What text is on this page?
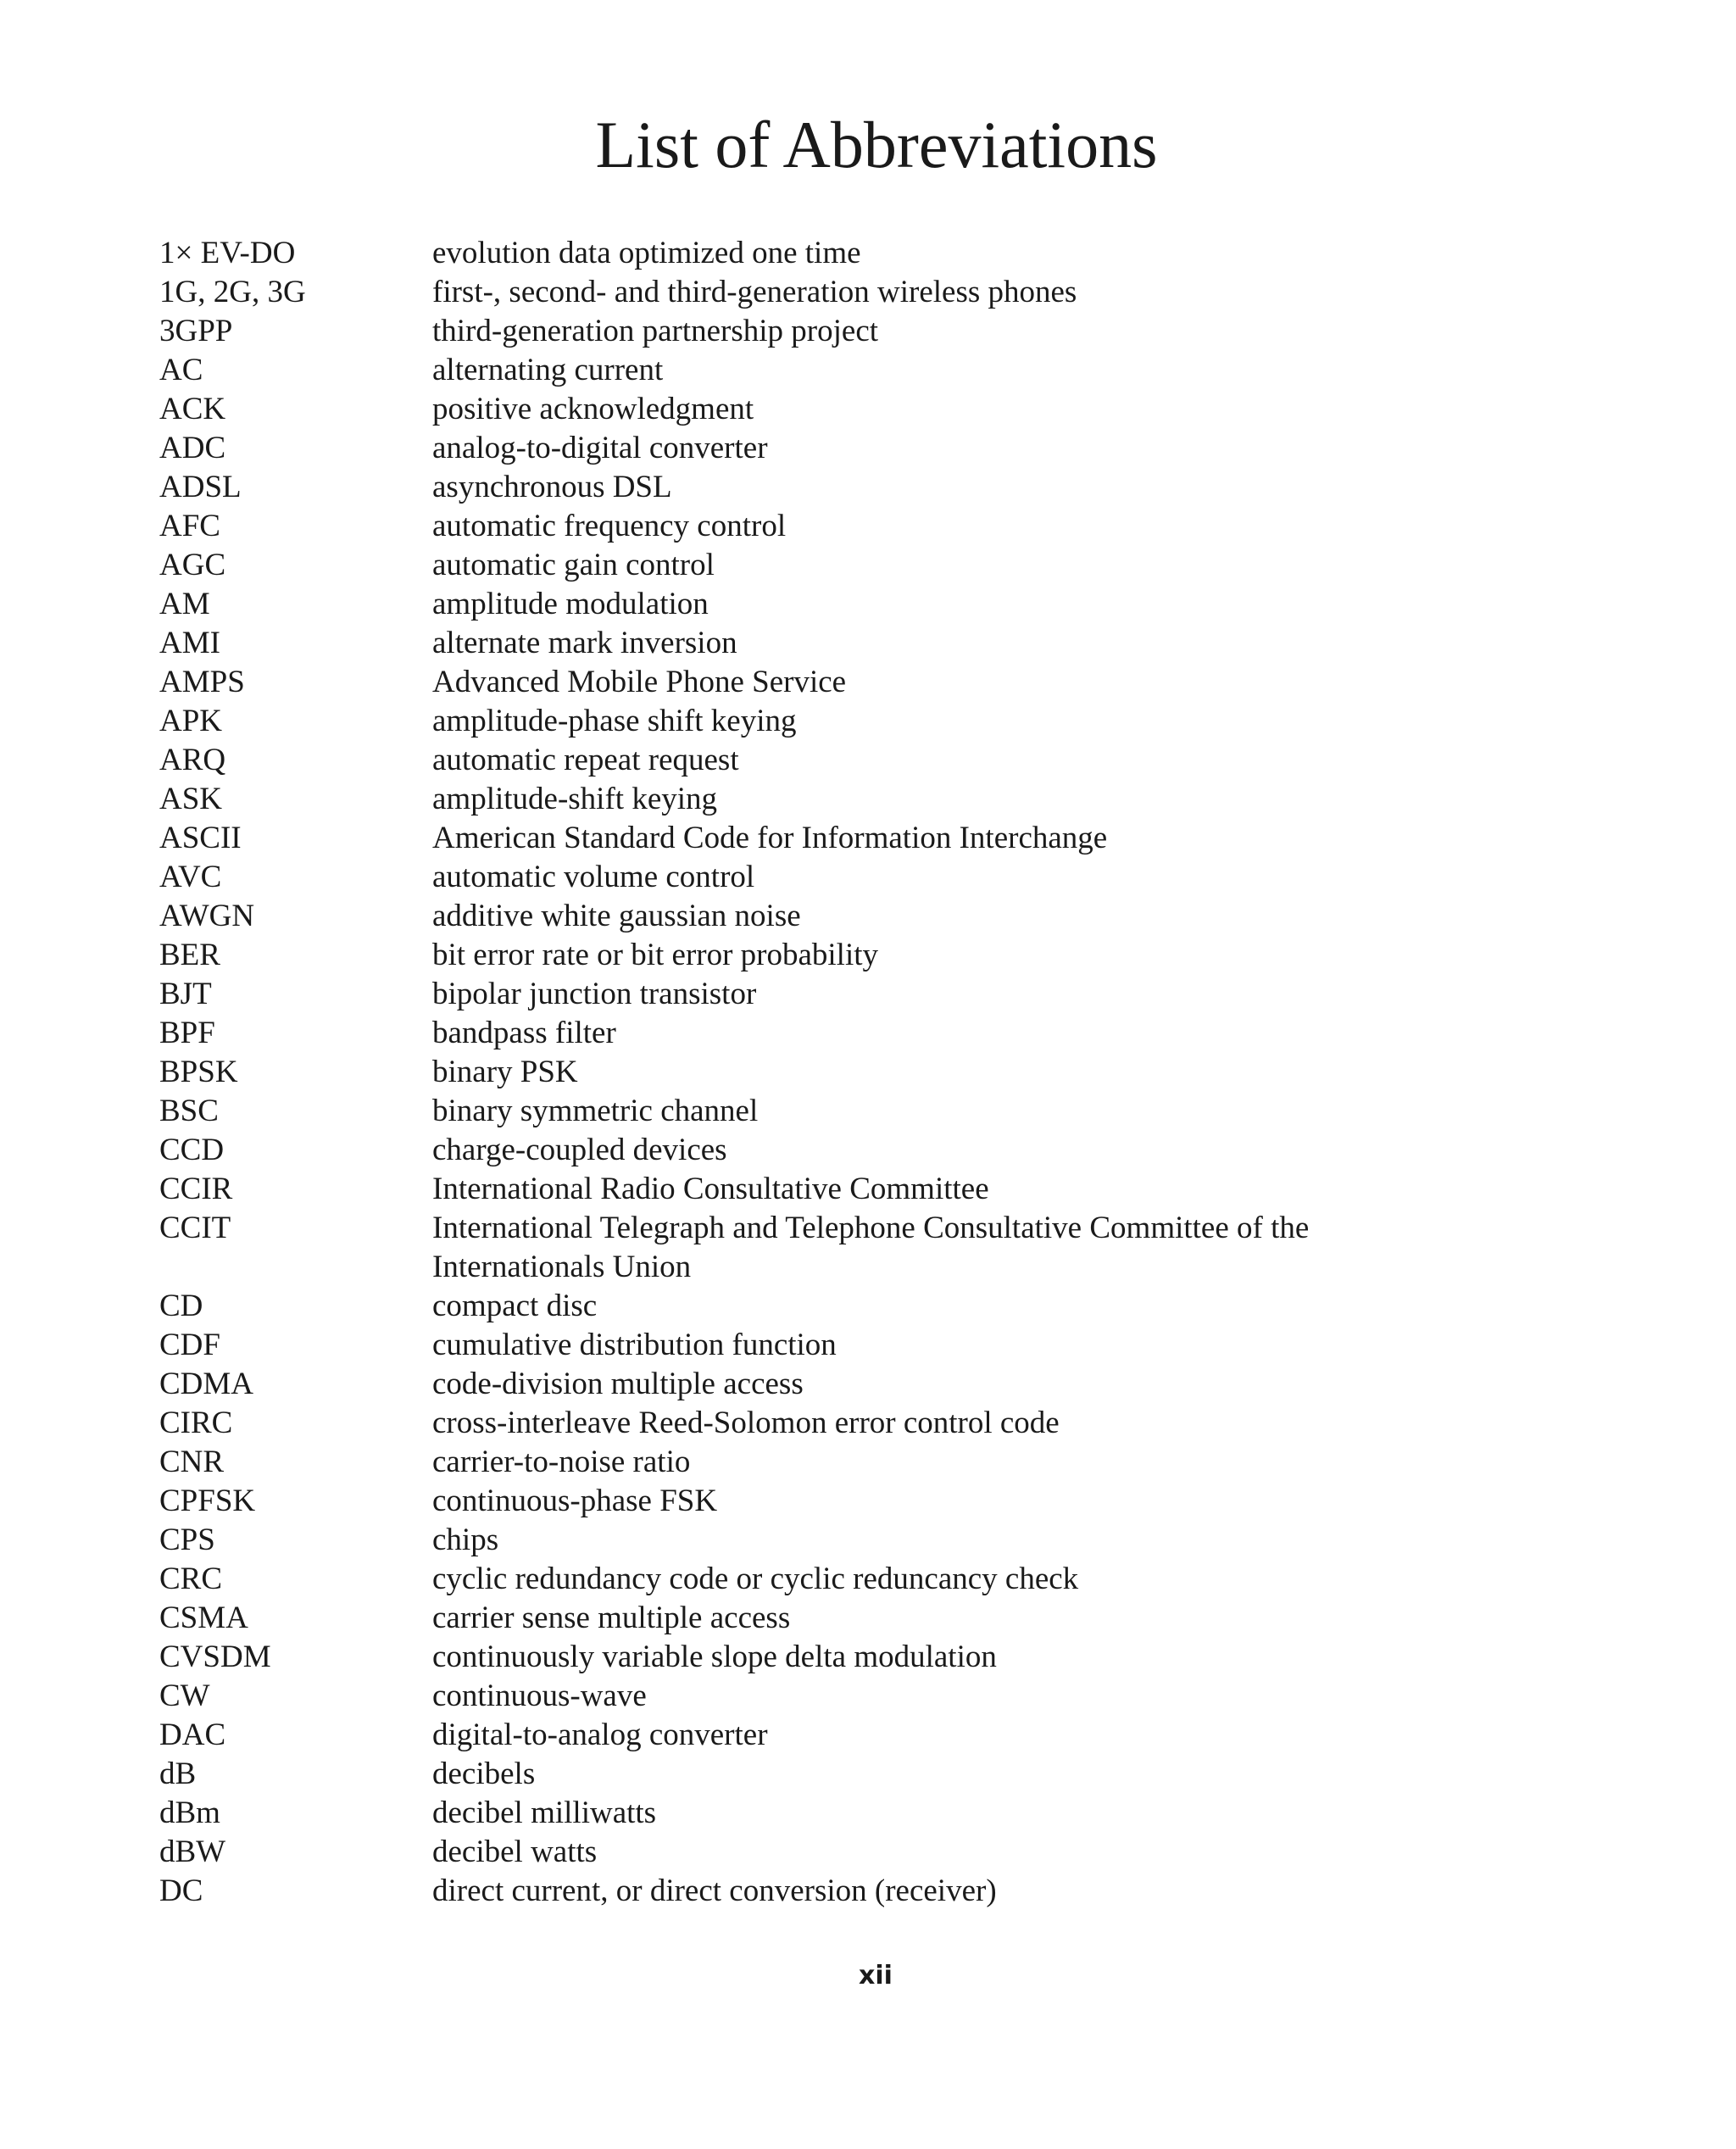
List of Abbreviations
1× EV-DO	evolution data optimized one time
1G, 2G, 3G	first-, second- and third-generation wireless phones
3GPP	third-generation partnership project
AC	alternating current
ACK	positive acknowledgment
ADC	analog-to-digital converter
ADSL	asynchronous DSL
AFC	automatic frequency control
AGC	automatic gain control
AM	amplitude modulation
AMI	alternate mark inversion
AMPS	Advanced Mobile Phone Service
APK	amplitude-phase shift keying
ARQ	automatic repeat request
ASK	amplitude-shift keying
ASCII	American Standard Code for Information Interchange
AVC	automatic volume control
AWGN	additive white gaussian noise
BER	bit error rate or bit error probability
BJT	bipolar junction transistor
BPF	bandpass filter
BPSK	binary PSK
BSC	binary symmetric channel
CCD	charge-coupled devices
CCIR	International Radio Consultative Committee
CCIT	International Telegraph and Telephone Consultative Committee of the
Internationals Union
CD	compact disc
CDF	cumulative distribution function
CDMA	code-division multiple access
CIRC	cross-interleave Reed-Solomon error control code
CNR	carrier-to-noise ratio
CPFSK	continuous-phase FSK
CPS	chips
CRC	cyclic redundancy code or cyclic reduncancy check
CSMA	carrier sense multiple access
CVSDM	continuously variable slope delta modulation
CW	continuous-wave
DAC	digital-to-analog converter
dB	decibels
dBm	decibel milliwatts
dBW	decibel watts
DC	direct current, or direct conversion (receiver)
xii
